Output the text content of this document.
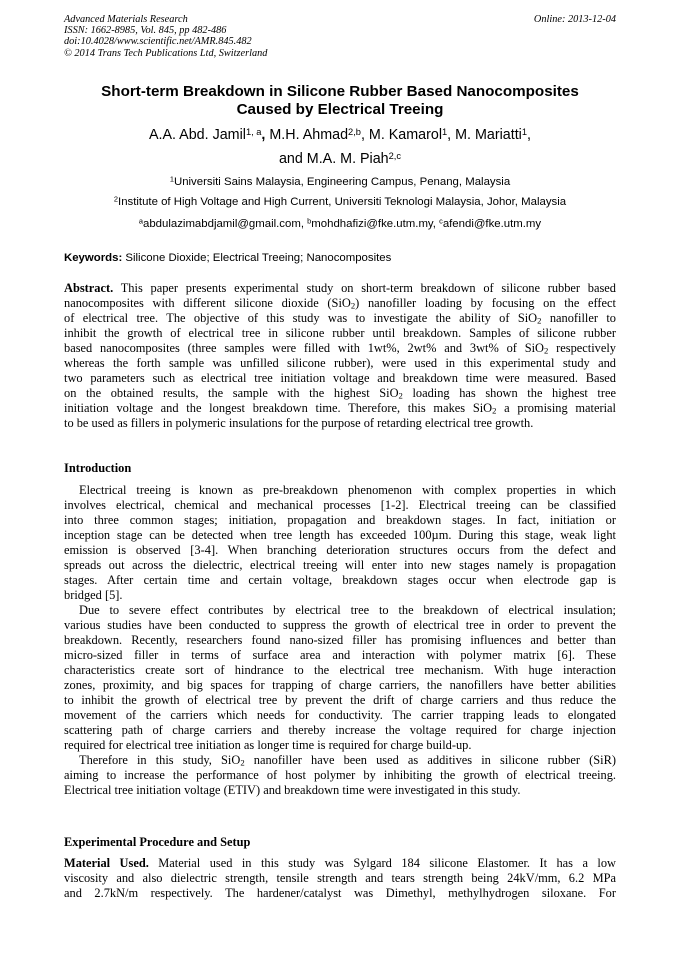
Advanced Materials Research
ISSN: 1662-8985, Vol. 845, pp 482-486
doi:10.4028/www.scientific.net/AMR.845.482
© 2014 Trans Tech Publications Ltd, Switzerland
Online: 2013-12-04
Short-term Breakdown in Silicone Rubber Based Nanocomposites
Caused by Electrical Treeing
A.A. Abd. Jamil$^{1, a}$, M.H. Ahmad$^{2,b}$, M. Kamarol$^1$, M. Mariatti$^1$,
and M.A. M. Piah$^{2,c}$
$^1$Universiti Sains Malaysia, Engineering Campus, Penang, Malaysia
$^2$Institute of High Voltage and High Current, Universiti Teknologi Malaysia, Johor, Malaysia
$^a$abdulazimabdjamil@gmail.com, $^b$mohdhafizi@fke.utm.my, $^c$afendi@fke.utm.my
Keywords: Silicone Dioxide; Electrical Treeing; Nanocomposites
Abstract. This paper presents experimental study on short-term breakdown of silicone rubber based
nanocomposites with different silicone dioxide (SiO$_2$) nanofiller loading by focusing on the effect
of electrical tree. The objective of this study was to investigate the ability of SiO$_2$ nanofiller to
inhibit the growth of electrical tree in silicone rubber until breakdown. Samples of silicone rubber
based nanocomposites (three samples were filled with 1wt%, 2wt% and 3wt% of SiO$_2$ respectively
whereas the forth sample was unfilled silicone rubber), were used in this experimental study and
two parameters such as electrical tree initiation voltage and breakdown time were measured. Based
on the obtained results, the sample with the highest SiO$_2$ loading has shown the highest tree
initiation voltage and the longest breakdown time. Therefore, this makes SiO$_2$ a promising material
to be used as fillers in polymeric insulations for the purpose of retarding electrical tree growth.
Introduction
Electrical treeing is known as pre-breakdown phenomenon with complex properties in which
involves electrical, chemical and mechanical processes [1-2]. Electrical treeing can be classified
into three common stages; initiation, propagation and breakdown stages. In fact, initiation or
inception stage can be detected when tree length has exceeded 100µm. During this stage, weak light
emission is observed [3-4]. When branching deterioration structures occurs from the defect and
spreads out across the dielectric, electrical treeing will enter into new stages namely is propagation
stages. After certain time and certain voltage, breakdown stages occur when electrode gap is
bridged [5].
Due to severe effect contributes by electrical tree to the breakdown of electrical insulation;
various studies have been conducted to suppress the growth of electrical tree in order to prevent the
breakdown. Recently, researchers found nano-sized filler has promising influences and better than
micro-sized filler in terms of surface area and interaction with polymer matrix [6]. These
characteristics create sort of hindrance to the electrical tree mechanism. With huge interaction
zones, proximity, and big spaces for trapping of charge carriers, the nanofillers have better abilities
to inhibit the growth of electrical tree by prevent the drift of charge carriers and thus reduce the
movement of the carriers which needs for conductivity. The carrier trapping leads to elongated
scattering path of charge carriers and thereby increase the voltage required for charge injection
required for electrical tree initiation as longer time is required for charge build-up.
Therefore in this study, SiO$_2$ nanofiller have been used as additives in silicone rubber (SiR)
aiming to increase the performance of host polymer by inhibiting the growth of electrical treeing.
Electrical tree initiation voltage (ETIV) and breakdown time were investigated in this study.
Experimental Procedure and Setup
Material Used. Material used in this study was Sylgard 184 silicone Elastomer. It has a low
viscosity and also dielectric strength, tensile strength and tears strength being 24kV/mm, 6.2 MPa
and 2.7kN/m respectively. The hardener/catalyst was Dimethyl, methylhydrogen siloxane. For
